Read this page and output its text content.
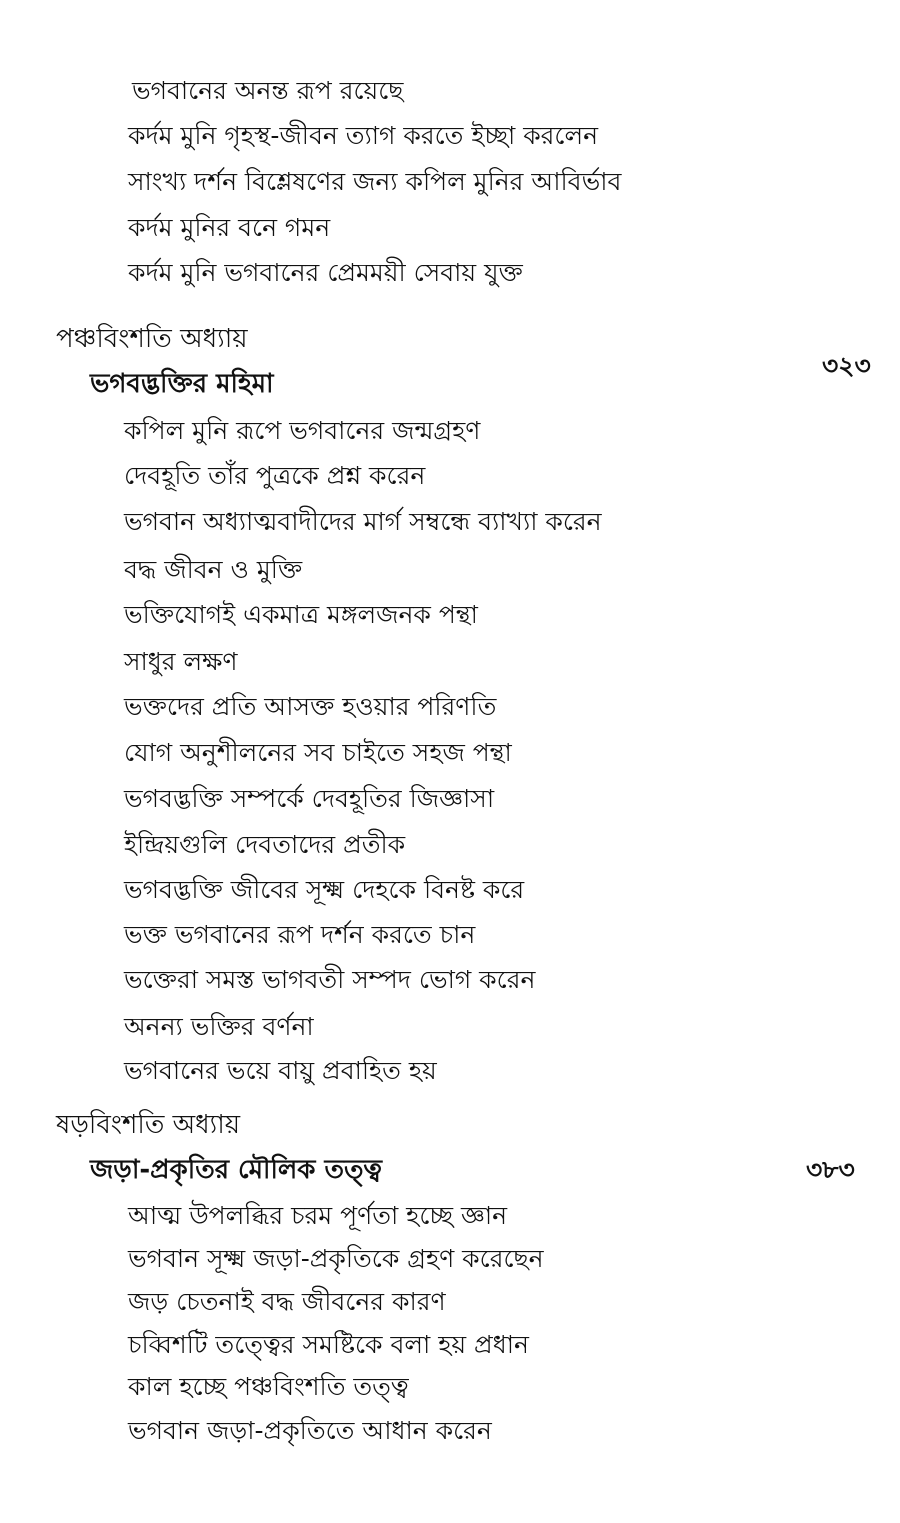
ভগবানের অনন্ত রূপ রয়েছে
কর্দম মুনি গৃহস্থ-জীবন ত্যাগ করতে ইচ্ছা করলেন
সাংখ্য দর্শন বিশ্লেষণের জন্য কপিল মুনির আবির্ভাব
কর্দম মুনির বনে গমন
কর্দম মুনি ভগবানের প্রেমময়ী সেবায় যুক্ত
পঞ্চবিংশতি অধ্যায়
৩২৩
ভগবদ্ভক্তির মহিমা
কপিল মুনি রূপে ভগবানের জন্মগ্রহণ
দেবহূতি তাঁর পুত্রকে প্রশ্ন করেন
ভগবান অধ্যাত্মবাদীদের মার্গ সম্বন্ধে ব্যাখ্যা করেন
বদ্ধ জীবন ও মুক্তি
ভক্তিযোগই একমাত্র মঙ্গলজনক পন্থা
সাধুর লক্ষণ
ভক্তদের প্রতি আসক্ত হওয়ার পরিণতি
যোগ অনুশীলনের সব চাইতে সহজ পন্থা
ভগবদ্ভক্তি সম্পর্কে দেবহূতির জিজ্ঞাসা
ইন্দ্রিয়গুলি দেবতাদের প্রতীক
ভগবদ্ভক্তি জীবের সূক্ষ্ম দেহকে বিনষ্ট করে
ভক্ত ভগবানের রূপ দর্শন করতে চান
ভক্তেরা সমস্ত ভাগবতী সম্পদ ভোগ করেন
অনন্য ভক্তির বর্ণনা
ভগবানের ভয়ে বায়ু প্রবাহিত হয়
ষড়বিংশতি অধ্যায়
জড়া-প্রকৃতির মৌলিক তত্ত্ব	৩৮৩
আত্ম উপলব্ধির চরম পূর্ণতা হচ্ছে জ্ঞান
ভগবান সূক্ষ্ম জড়া-প্রকৃতিকে গ্রহণ করেছেন
জড় চেতনাই বদ্ধ জীবনের কারণ
চব্বিশটি তত্ত্বের সমষ্টিকে বলা হয় প্রধান
কাল হচ্ছে পঞ্চবিংশতি তত্ত্ব
ভগবান জড়া-প্রকৃতিতে আধান করেন
